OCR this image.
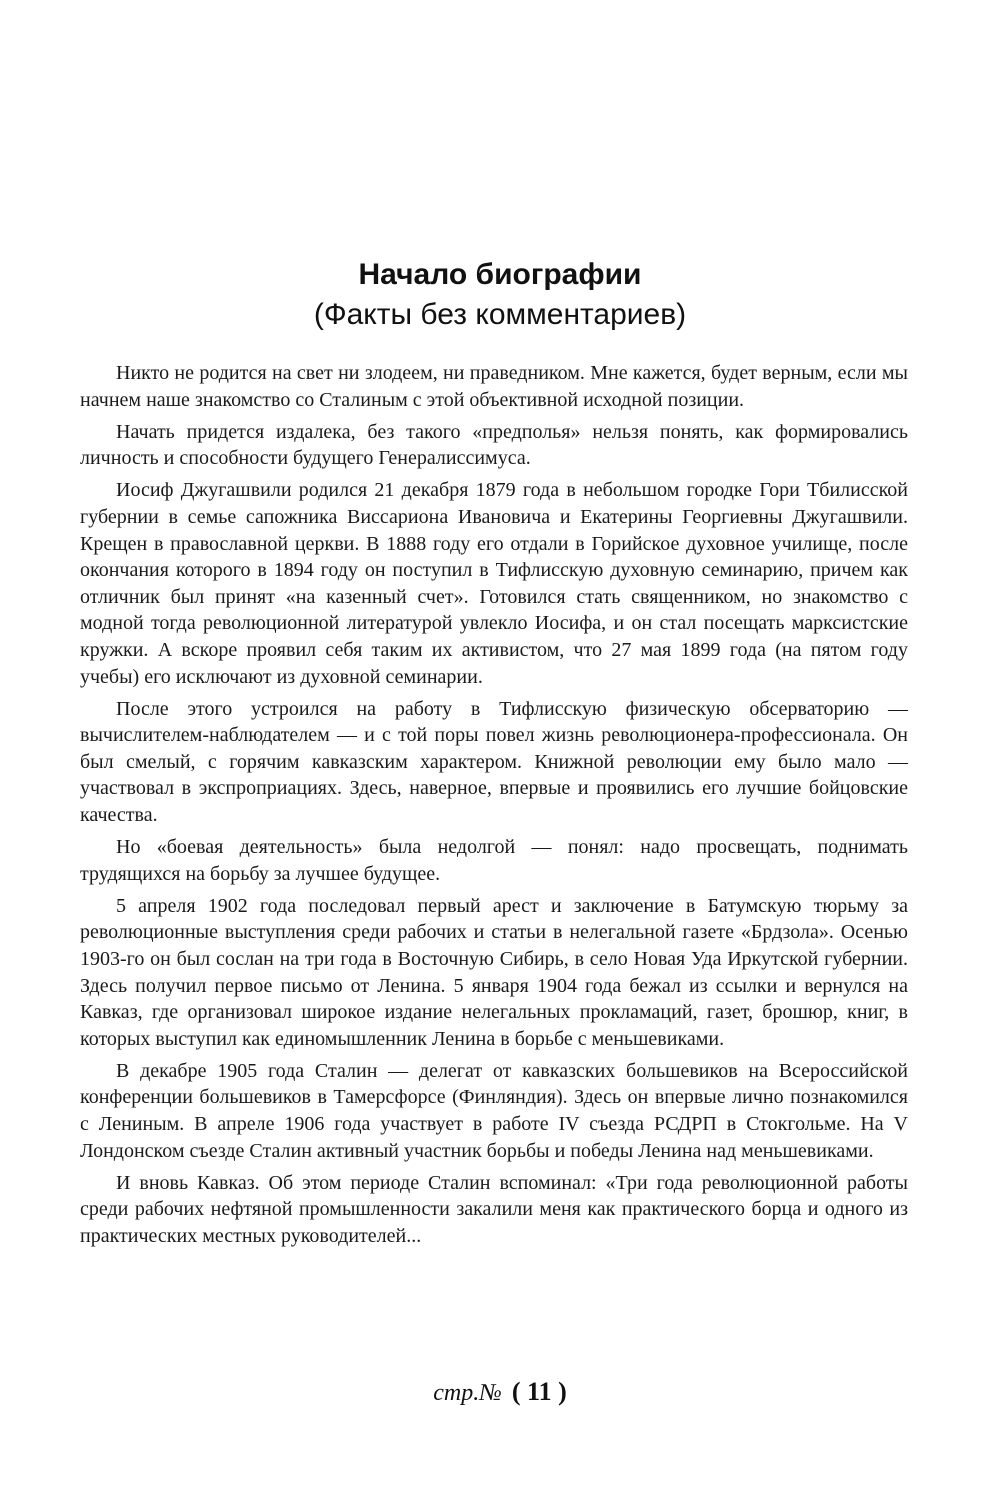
Начало биографии
(Факты без комментариев)

Никто не родится на свет ни злодеем, ни праведником. Мне кажется, будет верным, если мы начнем наше знакомство со Сталиным с этой объективной исходной позиции.

Начать придется издалека, без такого «предполья» нельзя понять, как формировались личность и способности будущего Генералиссимуса.

Иосиф Джугашвили родился 21 декабря 1879 года в небольшом городке Гори Тбилисской губернии в семье сапожника Виссариона Ивановича и Екатерины Георгиевны Джугашвили. Крещен в православной церкви. В 1888 году его отдали в Горийское духовное училище, после окончания которого в 1894 году он поступил в Тифлисскую духовную семинарию, причем как отличник был принят «на казенный счет». Готовился стать священником, но знакомство с модной тогда революционной литературой увлекло Иосифа, и он стал посещать марксистские кружки. А вскоре проявил себя таким их активистом, что 27 мая 1899 года (на пятом году учебы) его исключают из духовной семинарии.

После этого устроился на работу в Тифлисскую физическую обсерваторию — вычислителем-наблюдателем — и с той поры повел жизнь революционера-профессионала. Он был смелый, с горячим кавказским характером. Книжной революции ему было мало — участвовал в экспроприациях. Здесь, наверное, впервые и проявились его лучшие бойцовские качества.

Но «боевая деятельность» была недолгой — понял: надо просвещать, поднимать трудящихся на борьбу за лучшее будущее.

5 апреля 1902 года последовал первый арест и заключение в Батумскую тюрьму за революционные выступления среди рабочих и статьи в нелегальной газете «Брдзола». Осенью 1903-го он был сослан на три года в Восточную Сибирь, в село Новая Уда Иркутской губернии. Здесь получил первое письмо от Ленина. 5 января 1904 года бежал из ссылки и вернулся на Кавказ, где организовал широкое издание нелегальных прокламаций, газет, брошюр, книг, в которых выступил как единомышленник Ленина в борьбе с меньшевиками.

В декабре 1905 года Сталин — делегат от кавказских большевиков на Всероссийской конференции большевиков в Тамерсфорсе (Финляндия). Здесь он впервые лично познакомился с Лениным. В апреле 1906 года участвует в работе IV съезда РСДРП в Стокгольме. На V Лондонском съезде Сталин активный участник борьбы и победы Ленина над меньшевиками.

И вновь Кавказ. Об этом периоде Сталин вспоминал: «Три года революционной работы среди рабочих нефтяной промышленности закалили меня как практического борца и одного из практических местных руководителей...

стр.№ ( 11 )
